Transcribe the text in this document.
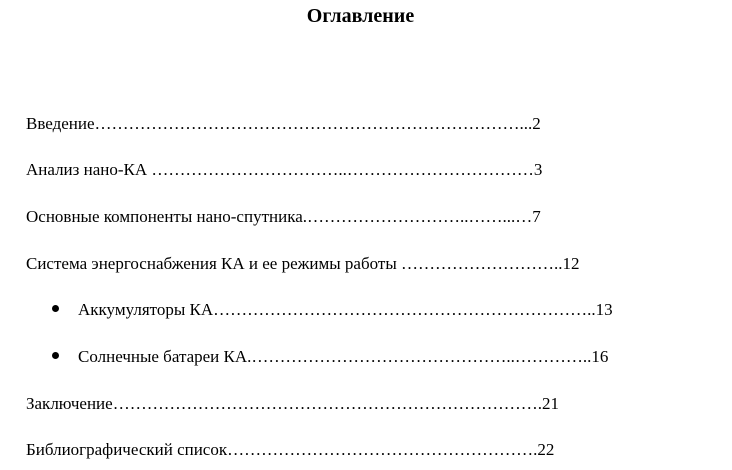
Оглавление
Введение…………………………………………………………………...2
Анализ нано-КА ……………………………..……………………………3
Основные компоненты нано-спутника.………………………..……...…7
Система энергоснабжения КА и ее режимы работы ………………………..12
Аккумуляторы КА…………………………………………………………..13
Солнечные батареи КА.………………………………………..…………..16
Заключение………………………………………………………………….21
Библиографический список……………………………………………….22
